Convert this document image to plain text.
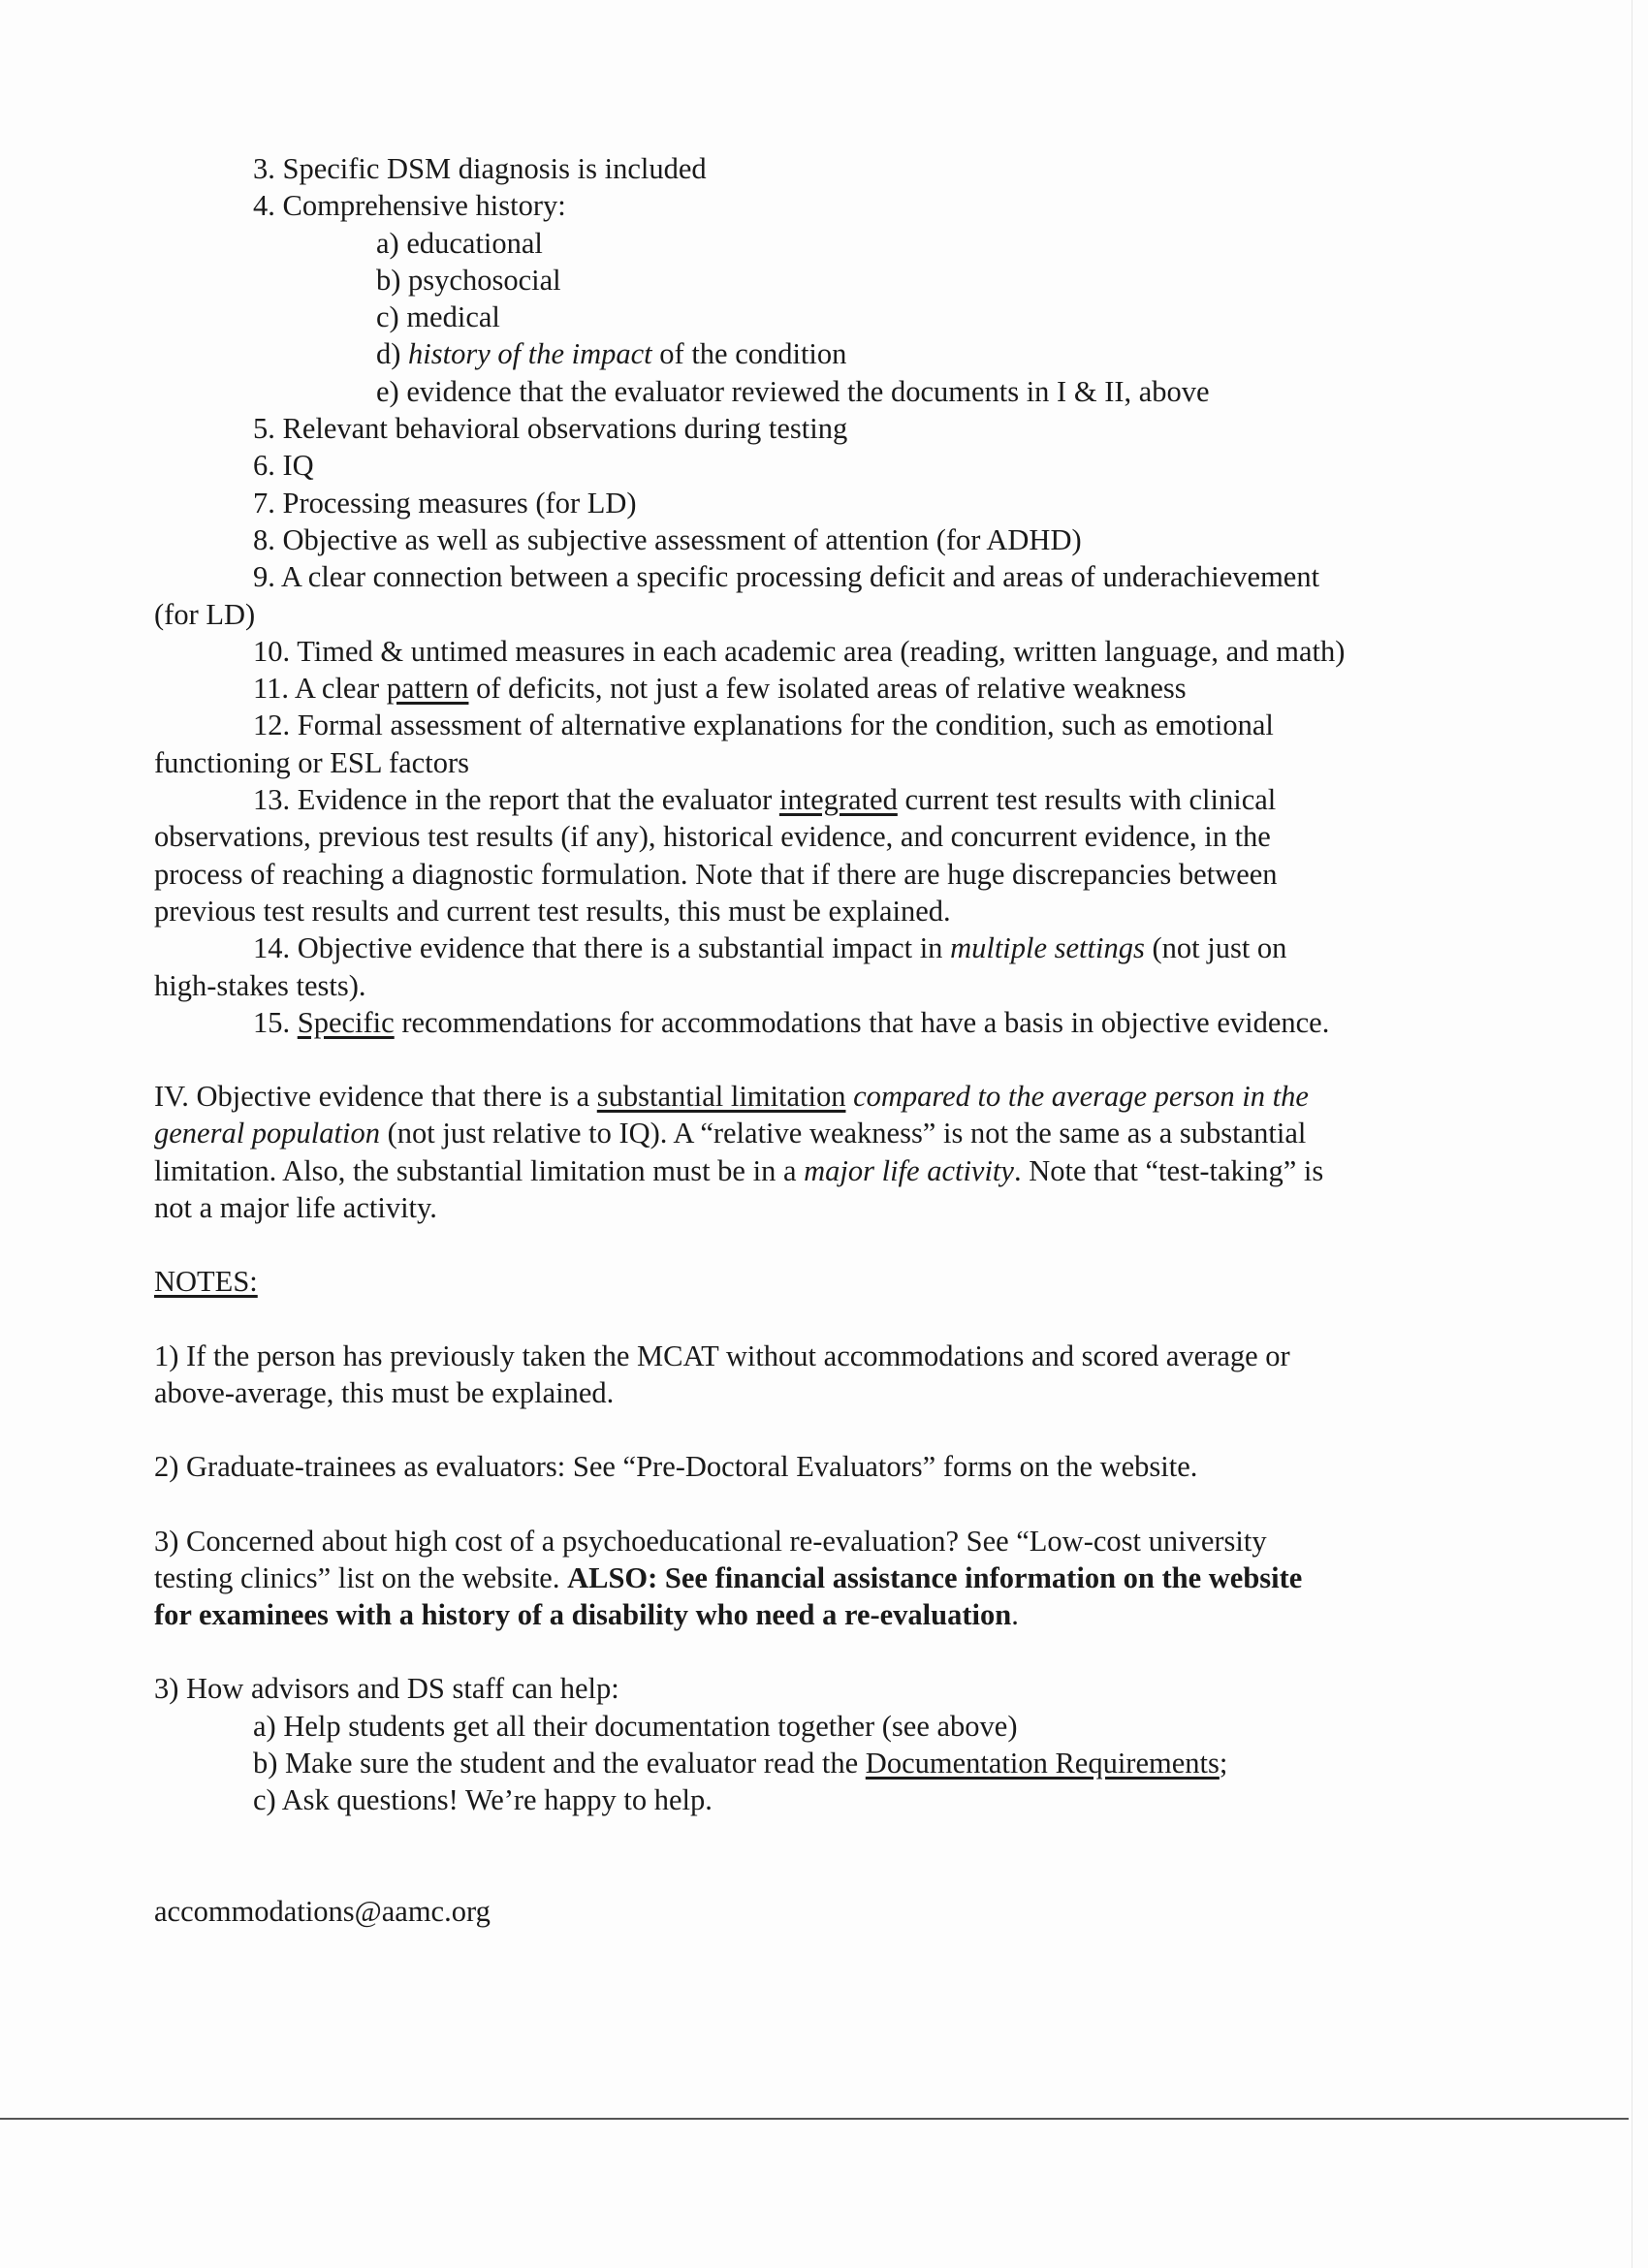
3. Specific DSM diagnosis is included
4. Comprehensive history:
a) educational
b) psychosocial
c) medical
d) history of the impact of the condition
e) evidence that the evaluator reviewed the documents in I & II, above
5. Relevant behavioral observations during testing
6. IQ
7. Processing measures (for LD)
8. Objective as well as subjective assessment of attention (for ADHD)
9. A clear connection between a specific processing deficit and areas of underachievement
(for LD)
10. Timed & untimed measures in each academic area (reading, written language, and math)
11. A clear pattern of deficits, not just a few isolated areas of relative weakness
12. Formal assessment of alternative explanations for the condition, such as emotional
functioning or ESL factors
13. Evidence in the report that the evaluator integrated current test results with clinical
observations, previous test results (if any), historical evidence, and concurrent evidence, in the
process of reaching a diagnostic formulation. Note that if there are huge discrepancies between
previous test results and current test results, this must be explained.
14. Objective evidence that there is a substantial impact in multiple settings (not just on
high-stakes tests).
15. Specific recommendations for accommodations that have a basis in objective evidence.
IV. Objective evidence that there is a substantial limitation compared to the average person in the
general population (not just relative to IQ). A “relative weakness” is not the same as a substantial
limitation. Also, the substantial limitation must be in a major life activity. Note that “test-taking” is
not a major life activity.
NOTES:
1) If the person has previously taken the MCAT without accommodations and scored average or
above-average, this must be explained.
2) Graduate-trainees as evaluators: See “Pre-Doctoral Evaluators” forms on the website.
3) Concerned about high cost of a psychoeducational re-evaluation? See “Low-cost university
testing clinics” list on the website. ALSO: See financial assistance information on the website
for examinees with a history of a disability who need a re-evaluation.
3) How advisors and DS staff can help:
a) Help students get all their documentation together (see above)
b) Make sure the student and the evaluator read the Documentation Requirements;
c) Ask questions! We’re happy to help.
accommodations@aamc.org
